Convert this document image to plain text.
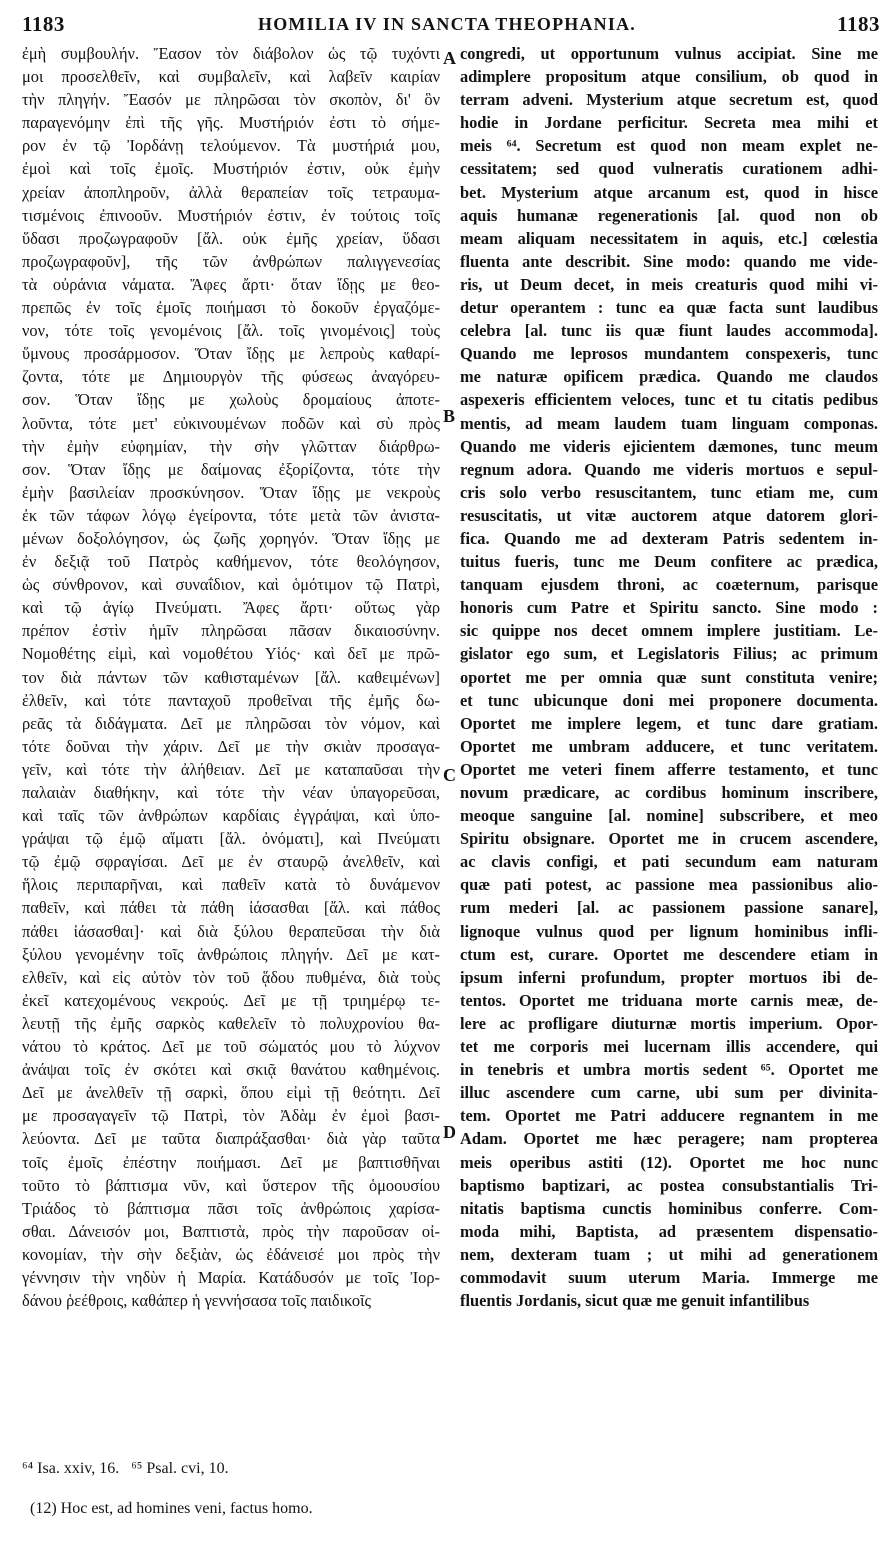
1183	HOMILIA IV IN SANCTA THEOPHANIA.	1183
ἐμὴ συμβουλήν. Ἔασον τὸν διάβολον ὡς τῷ τυχόντι
μοι προσελθεῖν, καὶ συμβαλεῖν, καὶ λαβεῖν καιρίαν
τὴν πληγήν. Ἔασόν με πληρῶσαι τὸν σκοπὸν, δι' ὃν
παραγενόμην ἐπὶ τῆς γῆς. Μυστήριόν ἐστι τὸ σήμε-
ρον ἐν τῷ Ἰορδάνῃ τελούμενον. Τὰ μυστήριά μου,
ἐμοὶ καὶ τοῖς ἐμοῖς. Μυστήριόν ἐστιν, οὐκ ἐμὴν
χρείαν ἀποπληροῦν, ἀλλὰ θεραπείαν τοῖς τετραυμα-
τισμένοις ἐπινοοῦν. Μυστήριόν ἐστιν, ἐν τούτοις τοῖς
ὕδασι προζωγραφοῦν [ἄλ. οὐκ ἐμῆς χρείαν, ὕδασι
προζωγραφοῦν], τῆς τῶν ἀνθρώπων παλιγγενεσίας
τὰ οὐράνια νάματα. Ἄφες ἄρτι· ὅταν ἴδῃς με θεο-
πρεπῶς ἐν τοῖς ἐμοῖς ποιήμασι τὸ δοκοῦν ἐργαζόμε-
νον, τότε τοῖς γενομένοις [ἄλ. τοῖς γινομένοις] τοὺς
ὕμνους προσάρμοσον. Ὅταν ἴδῃς με λεπροὺς καθαρί-
ζοντα, τότε με Δημιουργὸν τῆς φύσεως ἀναγόρευ-
σον. Ὅταν ἴδῃς με χωλοὺς δρομαίους ἀποτε-
λοῦντα, τότε μετ' εὐκινουμένων ποδῶν καὶ σὺ πρὸς
τὴν ἐμὴν εὐφημίαν, τὴν σὴν γλῶτταν διάρθρω-
σον. Ὅταν ἴδῃς με δαίμονας ἐξορίζοντα, τότε τὴν
ἐμὴν βασιλείαν προσκύνησον. Ὅταν ἴδῃς με νεκροὺς
ἐκ τῶν τάφων λόγῳ ἐγείροντα, τότε μετὰ τῶν ἀνιστα-
μένων δοξολόγησον, ὡς ζωῆς χορηγόν. Ὅταν ἴδῃς με
ἐν δεξιᾷ τοῦ Πατρὸς καθήμενον, τότε θεολόγησον,
ὡς σύνθρονον, καὶ συναΐδιον, καὶ ὁμότιμον τῷ Πατρὶ,
καὶ τῷ ἁγίῳ Πνεύματι. Ἄφες ἄρτι· οὕτως γὰρ
πρέπον ἐστὶν ἡμῖν πληρῶσαι πᾶσαν δικαιοσύνην.
Νομοθέτης εἰμὶ, καὶ νομοθέτου Υἱός· καὶ δεῖ με πρῶ-
τον διὰ πάντων τῶν καθισταμένων [ἄλ. καθειμένων]
ἐλθεῖν, καὶ τότε πανταχοῦ προθεῖναι τῆς ἐμῆς δω-
ρεᾶς τὰ διδάγματα. Δεῖ με πληρῶσαι τὸν νόμον, καὶ
τότε δοῦναι τὴν χάριν. Δεῖ με τὴν σκιὰν προσαγα-
γεῖν, καὶ τότε τὴν ἀλήθειαν. Δεῖ με καταπαῦσαι τὴν
παλαιὰν διαθήκην, καὶ τότε τὴν νέαν ὑπαγορεῦσαι,
καὶ ταῖς τῶν ἀνθρώπων καρδίαις ἐγγράψαι, καὶ ὑπο-
γράψαι τῷ ἐμῷ αἵματι [ἄλ. ὀνόματι], καὶ Πνεύματι
τῷ ἐμῷ σφραγίσαι. Δεῖ με ἐν σταυρῷ ἀνελθεῖν, καὶ
ἥλοις περιπαρῆναι, καὶ παθεῖν κατὰ τὸ δυνάμενον
παθεῖν, καὶ πάθει τὰ πάθη ἰάσασθαι [ἄλ. καὶ πάθος
πάθει ἰάσασθαι]· καὶ διὰ ξύλου θεραπεῦσαι τὴν διὰ
ξύλου γενομένην τοῖς ἀνθρώποις πληγήν. Δεῖ με κατ-
ελθεῖν, καὶ εἰς αὐτὸν τὸν τοῦ ᾅδου πυθμένα, διὰ τοὺς
ἐκεῖ κατεχομένους νεκρούς. Δεῖ με τῇ τριημέρῳ τε-
λευτῇ τῆς ἐμῆς σαρκὸς καθελεῖν τὸ πολυχρονίου θα-
νάτου τὸ κράτος. Δεῖ με τοῦ σώματός μου τὸ λύχνον
ἀνάψαι τοῖς ἐν σκότει καὶ σκιᾷ θανάτου καθημένοις.
Δεῖ με ἀνελθεῖν τῇ σαρκὶ, ὅπου εἰμὶ τῇ θεότητι. Δεῖ
με προσαγαγεῖν τῷ Πατρὶ, τὸν Ἀδὰμ ἐν ἐμοὶ βασι-
λεύοντα. Δεῖ με ταῦτα διαπράξασθαι· διὰ γὰρ ταῦτα
τοῖς ἐμοῖς ἐπέστην ποιήμασι. Δεῖ με βαπτισθῆναι
τοῦτο τὸ βάπτισμα νῦν, καὶ ὕστερον τῆς ὁμοουσίου
Τριάδος τὸ βάπτισμα πᾶσι τοῖς ἀνθρώποις χαρίσα-
σθαι. Δάνεισόν μοι, Βαπτιστὰ, πρὸς τὴν παροῦσαν οἰ-
κονομίαν, τὴν σὴν δεξιὰν, ὡς ἐδάνεισέ μοι πρὸς τὴν
γέννησιν τὴν νηδὺν ἡ Μαρία. Κατάδυσόν με τοῖς Ἰορ-
δάνου ῥεέθροις, καθάπερ ἡ γεννήσασα τοῖς παιδικοῖς
congredi, ut opportunum vulnus accipiat. Sine me
adimplere propositum atque consilium, ob quod in
terram adveni. Mysterium atque secretum est, quod
hodie in Jordane perficitur. Secreta mea mihi et
meis ⁶⁴. Secretum est quod non meam explet ne-
cessitatem; sed quod vulneratis curationem adhi-
bet. Mysterium atque arcanum est, quod in hisce
aquis humanæ regenerationis [al. quod non ob
meam aliquam necessitatem in aquis, etc.] cœlestia
fluenta ante describit. Sine modo: quando me vide-
ris, ut Deum decet, in meis creaturis quod mihi vi-
detur operantem : tunc ea quæ facta sunt laudibus
celebra [al. tunc iis quæ fiunt laudes accommoda].
Quando me leprosos mundantem conspexeris, tunc
me naturæ opificem prædica. Quando me claudos
aspexeris efficientem veloces, tunc et tu citatis pedibus
mentis, ad meam laudem tuam linguam componas.
Quando me videris ejicientem dæmones, tunc meum
regnum adora. Quando me videris mortuos e sepul-
cris solo verbo resuscitantem, tunc etiam me, cum
resuscitatis, ut vitæ auctorem atque datorem glori-
fica. Quando me ad dexteram Patris sedentem in-
tuitus fueris, tunc me Deum confitere ac prædica,
tanquam ejusdem throni, ac coæternum, parisque
honoris cum Patre et Spiritu sancto. Sine modo :
sic quippe nos decet omnem implere justitiam. Le-
gislator ego sum, et Legislatoris Filius; ac primum
oportet me per omnia quæ sunt constituta venire;
et tunc ubicunque doni mei proponere documenta.
Oportet me implere legem, et tunc dare gratiam.
Oportet me umbram adducere, et tunc veritatem.
Oportet me veteri finem afferre testamento, et tunc
novum prædicare, ac cordibus hominum inscribere,
meoque sanguine [al. nomine] subscribere, et meo
Spiritu obsignare. Oportet me in crucem ascendere,
ac clavis configi, et pati secundum eam naturam
quæ pati potest, ac passione mea passionibus alio-
rum mederi [al. ac passionem passione sanare],
lignoque vulnus quod per lignum hominibus infli-
ctum est, curare. Oportet me descendere etiam in
ipsum inferni profundum, propter mortuos ibi de-
tentos. Oportet me triduana morte carnis meæ, de-
lere ac profligare diuturnæ mortis imperium. Opor-
tet me corporis mei lucernam illis accendere, qui
in tenebris et umbra mortis sedent ⁶⁵. Oportet me
illuc ascendere cum carne, ubi sum per divinita-
tem. Oportet me Patri adducere regnantem in me
Adam. Oportet me hæc peragere; nam propterea
meis operibus astiti (12). Oportet me hoc nunc
baptismo baptizari, ac postea consubstantialis Tri-
nitatis baptisma cunctis hominibus conferre. Com-
moda mihi, Baptista, ad præsentem dispensatio-
nem, dexteram tuam ; ut mihi ad generationem
commodavit suum uterum Maria. Immerge me
fluentis Jordanis, sicut quæ me genuit infantilibus
A
B
C
D
⁶⁴ Isa. xxiv, 16.   ⁶⁵ Psal. cvi, 10.
(12) Hoc est, ad homines veni, factus homo.
